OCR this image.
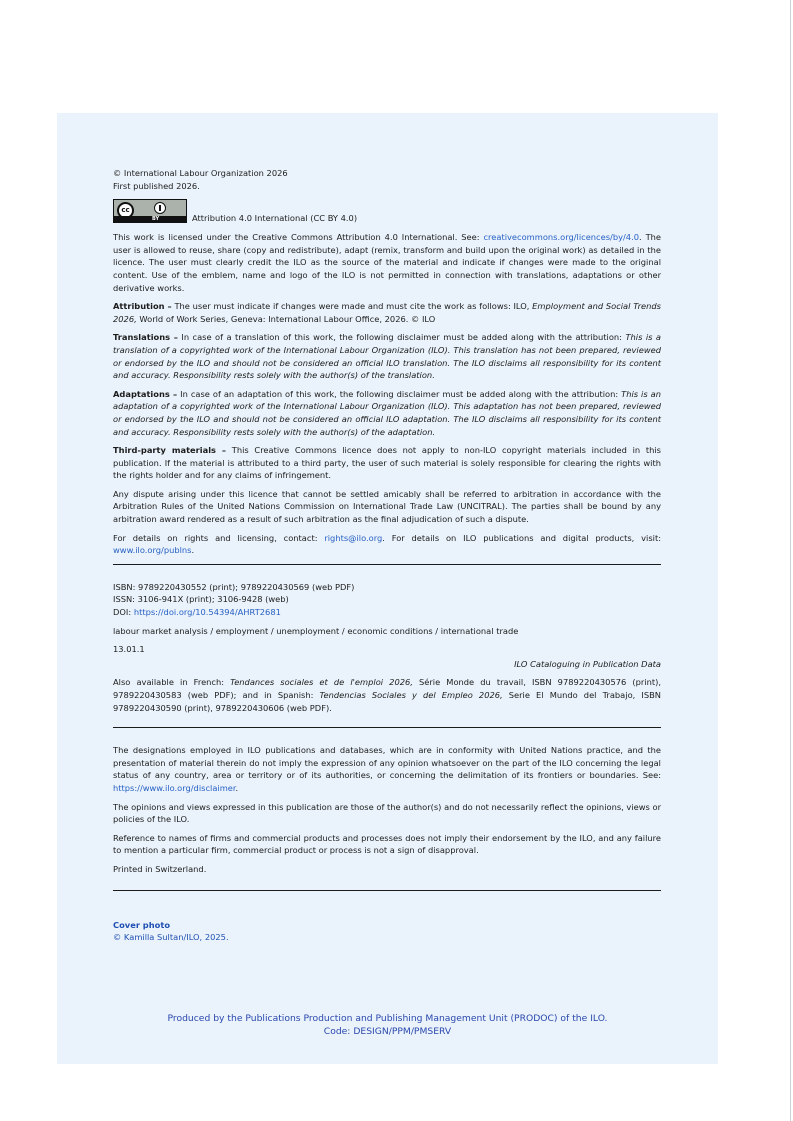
© International Labour Organization 2026

First published 2026.

cc
BY	Attribution 4.0 International (CC BY 4.0)

This work is licensed under the Creative Commons Attribution 4.0 International. See: creativecommons.org/licences/by/4.0. The user is allowed to reuse, share (copy and redistribute), adapt (remix, transform and build upon the original work) as detailed in the licence. The user must clearly credit the ILO as the source of the material and indicate if changes were made to the original content. Use of the emblem, name and logo of the ILO is not permitted in connection with translations, adaptations or other derivative works.

Attribution – The user must indicate if changes were made and must cite the work as follows: ILO, Employment and Social Trends 2026, World of Work Series, Geneva: International Labour Office, 2026. © ILO

Translations – In case of a translation of this work, the following disclaimer must be added along with the attribution: This is a translation of a copyrighted work of the International Labour Organization (ILO). This translation has not been prepared, reviewed or endorsed by the ILO and should not be considered an official ILO translation. The ILO disclaims all responsibility for its content and accuracy. Responsibility rests solely with the author(s) of the translation.

Adaptations – In case of an adaptation of this work, the following disclaimer must be added along with the attribution: This is an adaptation of a copyrighted work of the International Labour Organization (ILO). This adaptation has not been prepared, reviewed or endorsed by the ILO and should not be considered an official ILO adaptation. The ILO disclaims all responsibility for its content and accuracy. Responsibility rests solely with the author(s) of the adaptation.

Third-party materials – This Creative Commons licence does not apply to non-ILO copyright materials included in this publication. If the material is attributed to a third party, the user of such material is solely responsible for clearing the rights with the rights holder and for any claims of infringement.

Any dispute arising under this licence that cannot be settled amicably shall be referred to arbitration in accordance with the Arbitration Rules of the United Nations Commission on International Trade Law (UNCITRAL). The parties shall be bound by any arbitration award rendered as a result of such arbitration as the final adjudication of such a dispute.

For details on rights and licensing, contact: rights@ilo.org. For details on ILO publications and digital products, visit: www.ilo.org/publns.

ISBN: 9789220430552 (print); 9789220430569 (web PDF)

ISSN: 3106-941X (print); 3106-9428 (web)

DOI: https://doi.org/10.54394/AHRT2681

labour market analysis / employment / unemployment / economic conditions / international trade

13.01.1

ILO Cataloguing in Publication Data

Also available in French: Tendances sociales et de l'emploi 2026, Série Monde du travail, ISBN 9789220430576 (print), 9789220430583 (web PDF); and in Spanish: Tendencias Sociales y del Empleo 2026, Serie El Mundo del Trabajo, ISBN 9789220430590 (print), 9789220430606 (web PDF).

The designations employed in ILO publications and databases, which are in conformity with United Nations practice, and the presentation of material therein do not imply the expression of any opinion whatsoever on the part of the ILO concerning the legal status of any country, area or territory or of its authorities, or concerning the delimitation of its frontiers or boundaries. See: https://www.ilo.org/disclaimer.

The opinions and views expressed in this publication are those of the author(s) and do not necessarily reflect the opinions, views or policies of the ILO.

Reference to names of firms and commercial products and processes does not imply their endorsement by the ILO, and any failure to mention a particular firm, commercial product or process is not a sign of disapproval.

Printed in Switzerland.

Cover photo

© Kamilla Sultan/ILO, 2025.

Produced by the Publications Production and Publishing Management Unit (PRODOC) of the ILO.

Code: DESIGN/PPM/PMSERV
